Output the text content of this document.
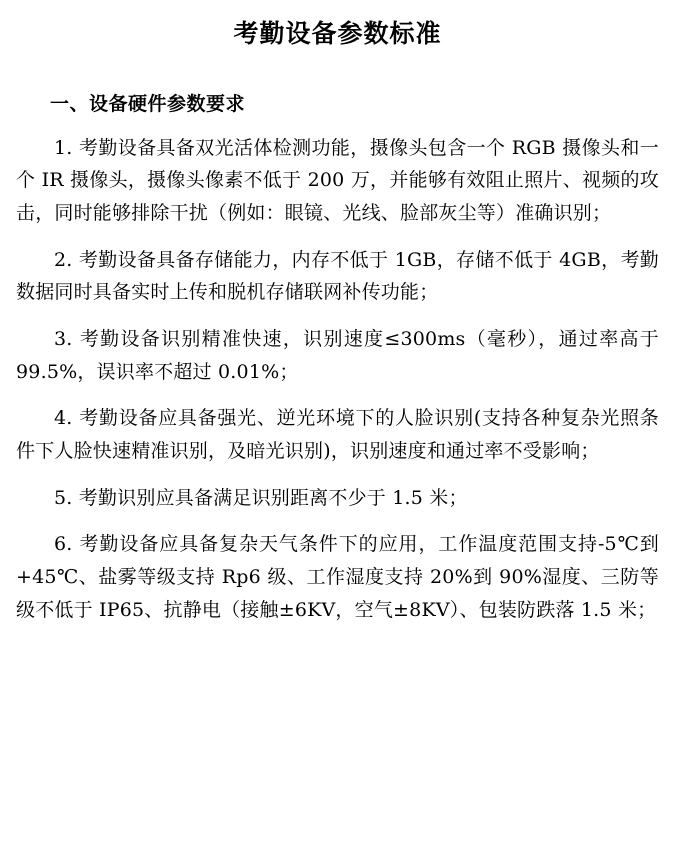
考勤设备参数标准
一、设备硬件参数要求

1. 考勤设备具备双光活体检测功能，摄像头包含一个 RGB 摄像头和一个 IR 摄像头，摄像头像素不低于 200 万，并能够有效阻止照片、视频的攻击，同时能够排除干扰（例如：眼镜、光线、脸部灰尘等）准确识别；

2. 考勤设备具备存储能力，内存不低于 1GB，存储不低于 4GB，考勤数据同时具备实时上传和脱机存储联网补传功能；

3. 考勤设备识别精准快速，识别速度≤300ms（毫秒），通过率高于 99.5%，误识率不超过 0.01%；

4. 考勤设备应具备强光、逆光环境下的人脸识别(支持各种复杂光照条件下人脸快速精准识别，及暗光识别)，识别速度和通过率不受影响；

5. 考勤识别应具备满足识别距离不少于 1.5 米；

6. 考勤设备应具备复杂天气条件下的应用，工作温度范围支持-5℃到+45℃、盐雾等级支持 Rp6 级、工作湿度支持 20%到 90%湿度、三防等级不低于 IP65、抗静电（接触±6KV，空气±8KV）、包装防跌落 1.5 米；
